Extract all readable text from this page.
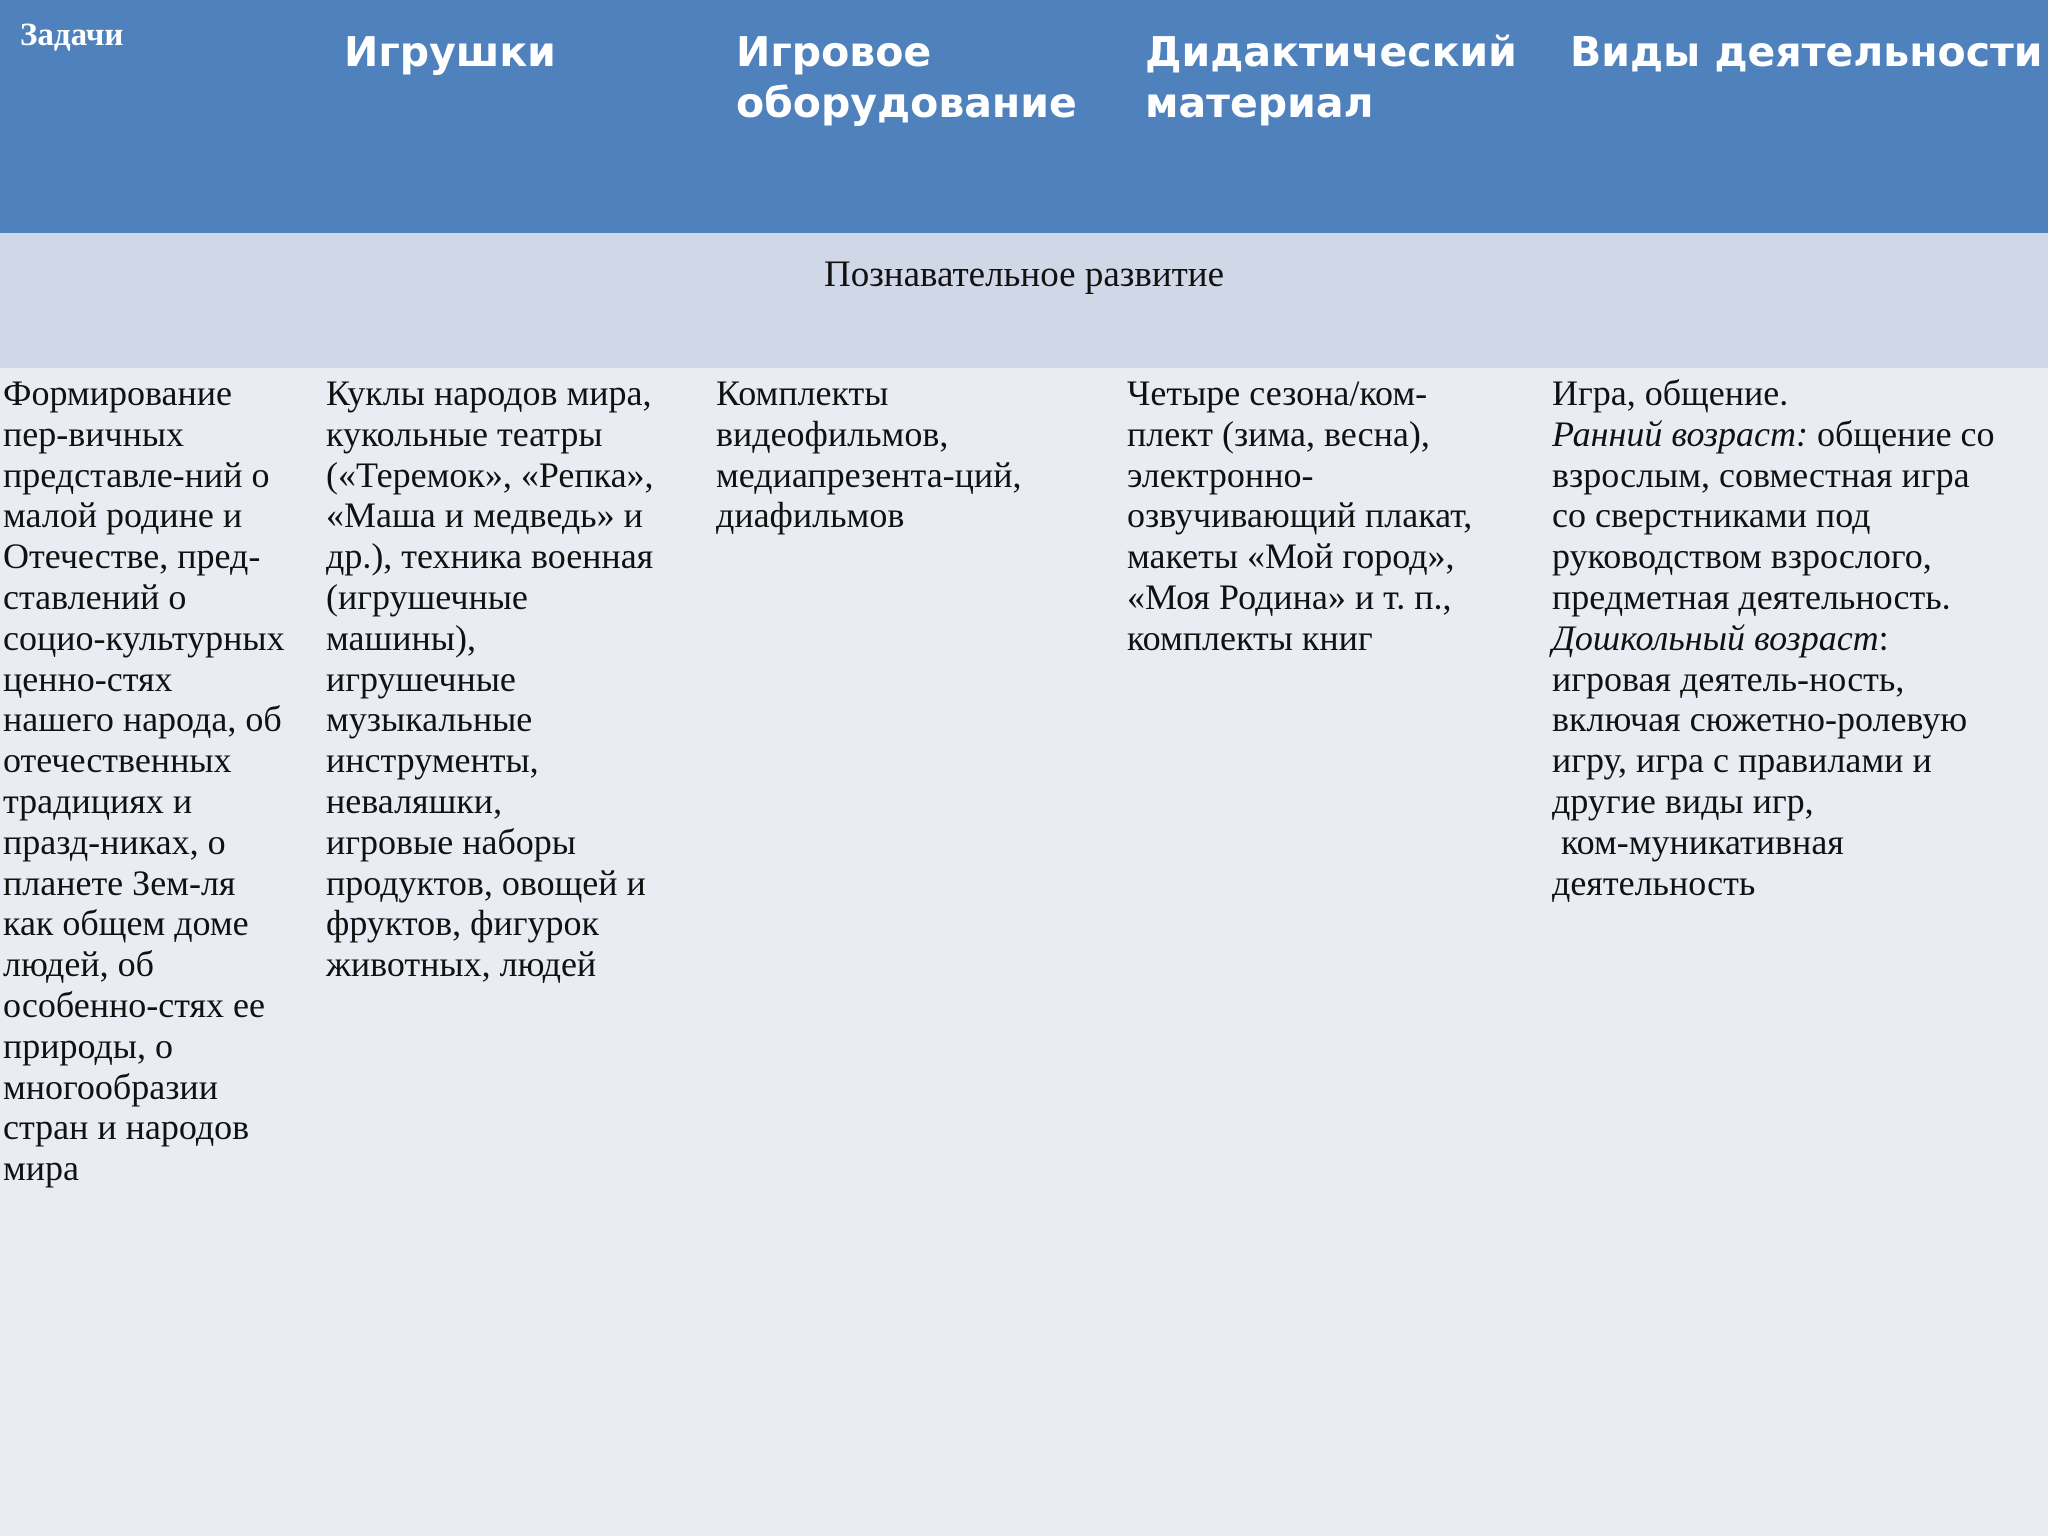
Задачи	Игрушки	Игровое
оборудование
Дидактический
материал
Виды деятельности
Познавательное развитие
Формирование
пер-вичных
представле-ний о
малой родине и
Отечестве, пред-
ставлений о
социо-культурных
ценно-стях
нашего народа, об
отечественных
традициях и
празд-никах, о
планете Зем-ля
как общем доме
людей, об
особенно-стях ее
природы, о
многообразии
стран и народов
мира
Куклы народов мира,
кукольные театры
(«Теремок», «Репка»,
«Маша и медведь» и
др.), техника военная
(игрушечные
машины),
игрушечные
музыкальные
инструменты,
неваляшки,
игровые наборы
продуктов, овощей и
фруктов, фигурок
животных, людей
Комплекты
видеофильмов,
медиапрезента-ций,
диафильмов
Четыре сезона/ком-
плект (зима, весна),
электронно-
озвучивающий плакат,
макеты «Мой город»,
«Моя Родина» и т. п.,
комплекты книг
Игра, общение.
Ранний возраст: общение со
взрослым, совместная игра
со сверстниками под
руководством взрослого,
предметная деятельность.
Дошкольный возраст:
игровая деятель-ность,
включая сюжетно-ролевую
игру, игра с правилами и
другие виды игр,
ком-муникативная
деятельность
